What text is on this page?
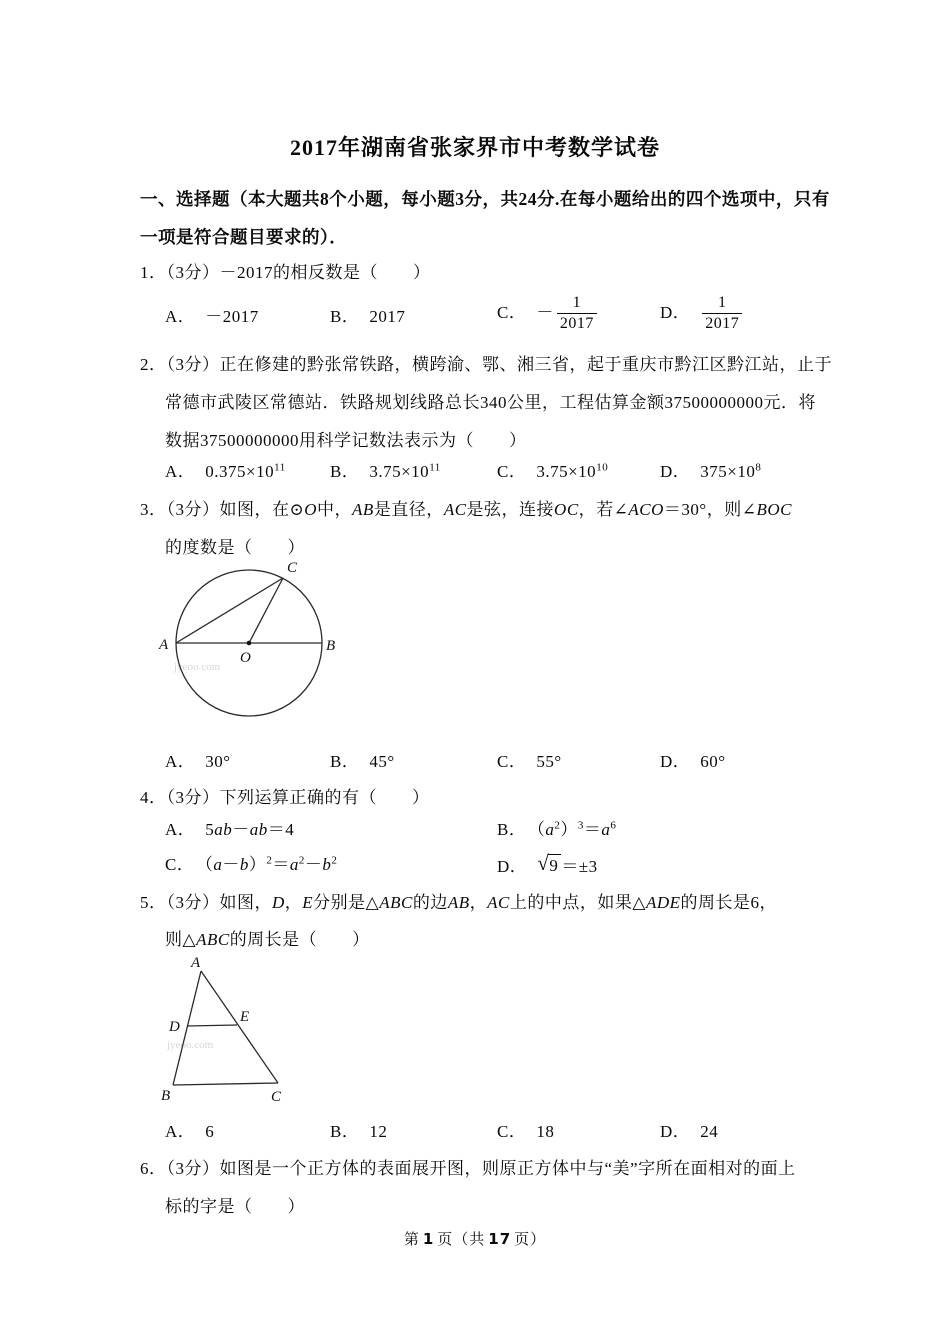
2017年湖南省张家界市中考数学试卷
一、选择题（本大题共8个小题，每小题3分，共24分.在每小题给出的四个选项中，只有
一项是符合题目要求的）．
1．（3分）－2017的相反数是（　　）
A． －2017	B． 2017	C． － $\frac{1}{2017}$	D． $\frac{1}{2017}$
2．（3分）正在修建的黔张常铁路，横跨渝、鄂、湘三省，起于重庆市黔江区黔江站，止于
常德市武陵区常德站．铁路规划线路总长340公里，工程估算金额37500000000元．将
数据37500000000用科学记数法表示为（　　）
A． $0.375\times 10^{11}$	B． $3.75\times 10^{11}$	C． $3.75\times 10^{10}$	D． $375\times 10^8$
3．（3分）如图，在⊙O中，AB是直径，AC是弦，连接OC，若∠ACO＝30°，则∠BOC
的度数是（　　）
jyeoo.com
A	B
C
O
A． 30°	B． 45°	C． 55°	D． 60°
4．（3分）下列运算正确的有（　　）
A． 5ab－ab＝4	B． $(a^2)^3=a^6$
C． $(a-b)^2=a^2-b^2$	D． √ 9 ＝±3
5．（3分）如图，D，E分别是△ABC的边AB，AC上的中点，如果△ADE的周长是6，
则△ABC的周长是（　　）
jyeoo.com
A
B	C
D
E
A． 6	B． 12	C． 18	D． 24
6．（3分）如图是一个正方体的表面展开图，则原正方体中与“美”字所在面相对的面上
标的字是（　　）
第 1 页（共 17 页）
